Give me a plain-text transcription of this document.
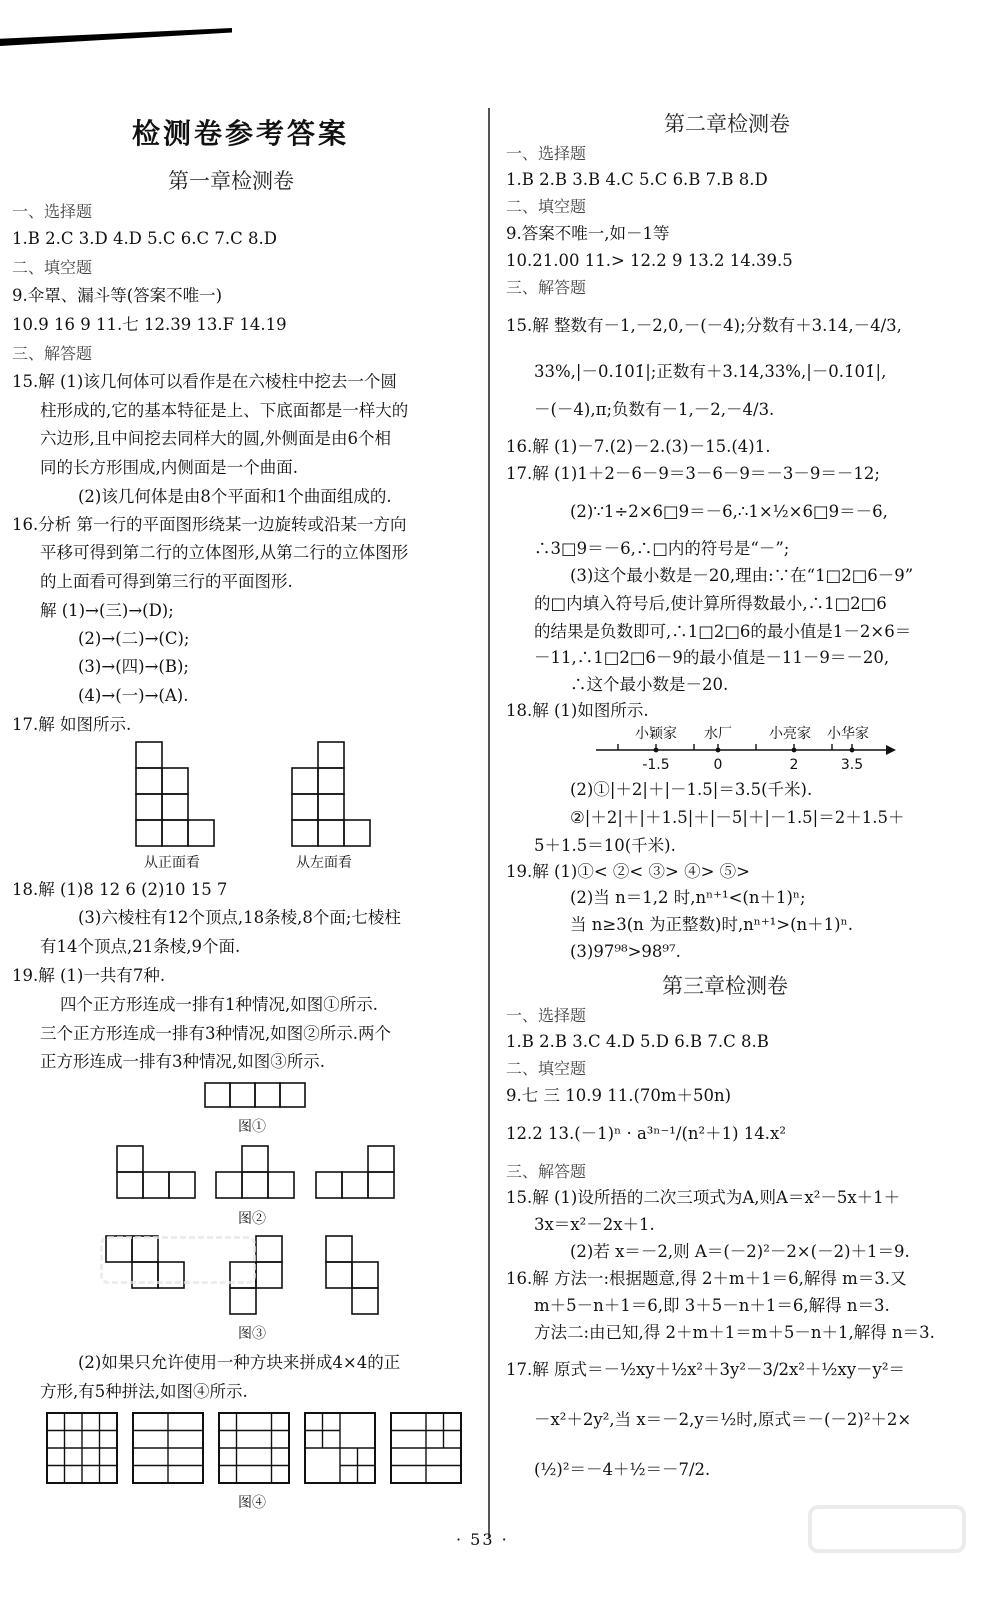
检测卷参考答案
第一章检测卷
一、选择题
1.B 2.C 3.D 4.D 5.C 6.C 7.C 8.D
二、填空题
9.伞罩、漏斗等(答案不唯一)
10.9 16 9 11.七 12.39 13.F 14.19
三、解答题
15.解 (1)该几何体可以看作是在六棱柱中挖去一个圆
柱形成的,它的基本特征是上、下底面都是一样大的
六边形,且中间挖去同样大的圆,外侧面是由6个相
同的长方形围成,内侧面是一个曲面.
(2)该几何体是由8个平面和1个曲面组成的.
16.分析 第一行的平面图形绕某一边旋转或沿某一方向
平移可得到第二行的立体图形,从第二行的立体图形
的上面看可得到第三行的平面图形.
解 (1)→(三)→(D);
(2)→(二)→(C);
(3)→(四)→(B);
(4)→(一)→(A).
17.解 如图所示.
从正面看	从左面看
18.解 (1)8 12 6 (2)10 15 7
(3)六棱柱有12个顶点,18条棱,8个面;七棱柱
有14个顶点,21条棱,9个面.
19.解 (1)一共有7种.
四个正方形连成一排有1种情况,如图①所示.
三个正方形连成一排有3种情况,如图②所示.两个
正方形连成一排有3种情况,如图③所示.
图①
图②
图③
(2)如果只允许使用一种方块来拼成4×4的正
方形,有5种拼法,如图④所示.
图④
第二章检测卷
一、选择题
1.B 2.B 3.B 4.C 5.C 6.B 7.B 8.D
二、填空题
9.答案不唯一,如－1等
10.21.00 11.> 12.2 9 13.2 14.39.5
三、解答题
15.解 整数有－1,－2,0,－(－4);分数有＋3.14,－4/3,
33%,|－0.1̇01̇|;正数有＋3.14,33%,|－0.1̇01̇|,
－(－4),π;负数有－1,－2,－4/3.
16.解 (1)－7.(2)－2.(3)－15.(4)1.
17.解 (1)1＋2－6－9＝3－6－9＝－3－9＝－12;
(2)∵1÷2×6□9＝－6,∴1×½×6□9＝－6,
∴3□9＝－6,∴□内的符号是“－”;
(3)这个最小数是－20,理由:∵在“1□2□6－9”
的□内填入符号后,使计算所得数最小,∴1□2□6
的结果是负数即可,∴1□2□6的最小值是1－2×6＝
－11,∴1□2□6－9的最小值是－11－9＝－20,
∴这个最小数是－20.
18.解 (1)如图所示.
小颖家 水厂	小亮家 小华家
-1.5	0	2	3.5
(2)①|＋2|＋|－1.5|＝3.5(千米).
②|＋2|＋|＋1.5|＋|－5|＋|－1.5|＝2＋1.5＋
5＋1.5＝10(千米).
19.解 (1)①< ②< ③> ④> ⑤>
(2)当 n＝1,2 时,nⁿ⁺¹<(n＋1)ⁿ;
当 n≥3(n 为正整数)时,nⁿ⁺¹>(n＋1)ⁿ.
(3)97⁹⁸>98⁹⁷.
第三章检测卷
一、选择题
1.B 2.B 3.C 4.D 5.D 6.B 7.C 8.B
二、填空题
9.七 三 10.9 11.(70m＋50n)
12.2 13.(－1)ⁿ · a³ⁿ⁻¹/(n²＋1) 14.x²
三、解答题
15.解 (1)设所捂的二次三项式为A,则A＝x²－5x＋1＋
3x＝x²－2x＋1.
(2)若 x＝－2,则 A＝(－2)²－2×(－2)＋1＝9.
16.解 方法一:根据题意,得 2＋m＋1＝6,解得 m＝3.又
m＋5－n＋1＝6,即 3＋5－n＋1＝6,解得 n＝3.
方法二:由已知,得 2＋m＋1＝m＋5－n＋1,解得 n＝3.
17.解 原式＝－½xy＋½x²＋3y²－3/2x²＋½xy－y²＝
－x²＋2y²,当 x＝－2,y＝½时,原式＝－(－2)²＋2×
(½)²＝－4＋½＝－7/2.
· 53 ·
